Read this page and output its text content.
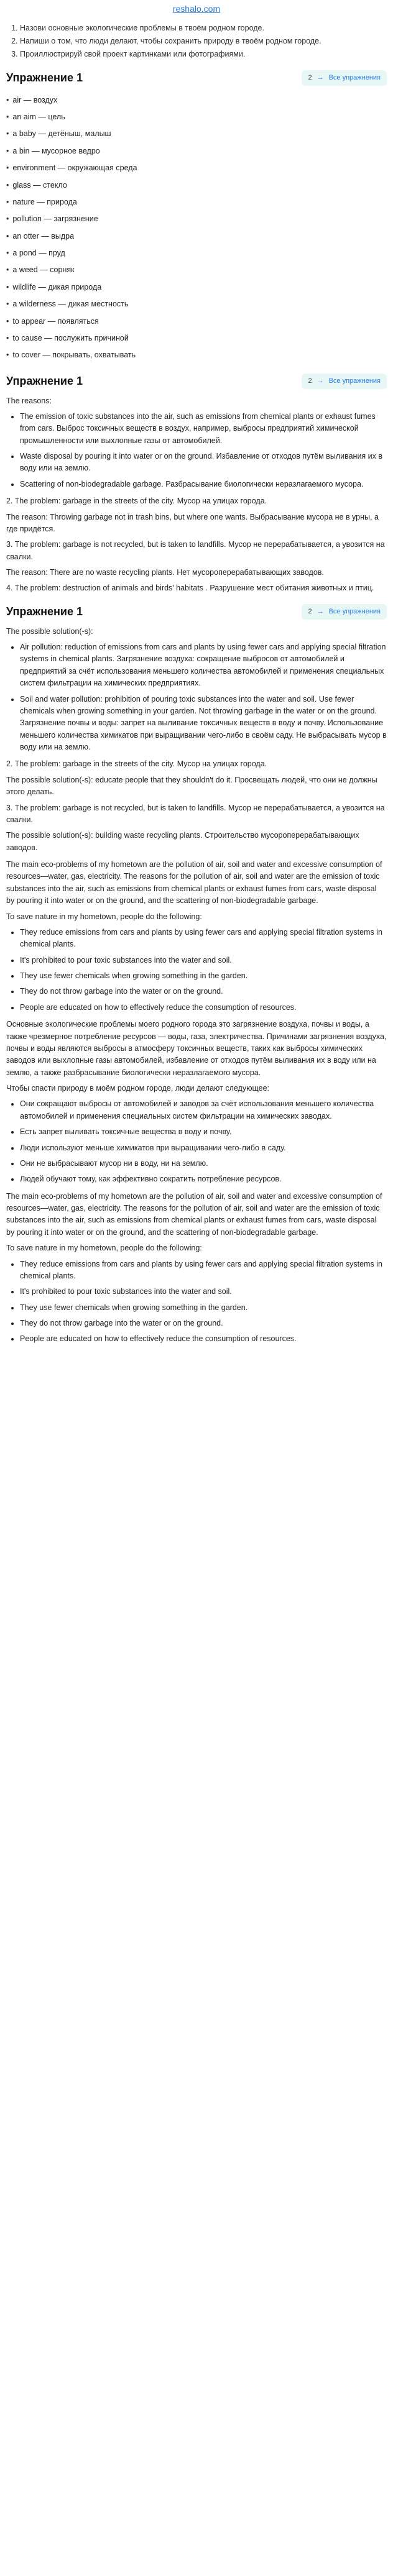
reshalo.com
1. Назови основные экологические проблемы в твоём родном городе.
2. Напиши о том, что люди делают, чтобы сохранить природу в твоём родном городе.
3. Проиллюстрируй свой проект картинками или фотографиями.
Упражнение 1	2 → Все упражнения
• air — воздух
• an aim — цель
• a baby — детёныш, малыш
• a bin — мусорное ведро
• environment — окружающая среда
• glass — стекло
• nature — природа
• pollution — загрязнение
• an otter — выдра
• a pond — пруд
• a weed — сорняк
• wildlife — дикая природа
• a wilderness — дикая местность
• to appear — появляться
• to cause — послужить причиной
• to cover — покрывать, охватывать
Упражнение 1	2 → Все упражнения

The reasons:

• The emission of toxic substances into the air, such as emissions from chemical plants or exhaust fumes from cars. Выброс токсичных веществ в воздух, например, выбросы предприятий химической промышленности или выхлопные газы от автомобилей.
• Waste disposal by pouring it into water or on the ground. Избавление от отходов путём выливания их в воду или на землю.
• Scattering of non-biodegradable garbage. Разбрасывание биологически неразлагаемого мусора.

2. The problem: garbage in the streets of the city. Мусор на улицах города.

The reason: Throwing garbage not in trash bins, but where one wants. Выбрасывание мусора не в урны, а где придётся.

3. The problem: garbage is not recycled, but is taken to landfills. Мусор не перерабатывается, а увозится на свалки.

The reason: There are no waste recycling plants. Нет мусороперерабатывающих заводов.

4. The problem: destruction of animals and birds' habitats . Разрушение мест обитания животных и птиц.

Упражнение 1	2 → Все упражнения

The possible solution(-s):

• Air pollution: reduction of emissions from cars and plants by using fewer cars and applying special filtration systems in chemical plants. Загрязнение воздуха: сокращение выбросов от автомобилей и предприятий за счёт использования меньшего количества автомобилей и применения специальных систем фильтрации на химических предприятиях.
• Soil and water pollution: prohibition of pouring toxic substances into the water and soil. Use fewer chemicals when growing something in your garden. Not throwing garbage in the water or on the ground. Загрязнение почвы и воды: запрет на выливание токсичных веществ в воду и почву. Использование меньшего количества химикатов при выращивании чего-либо в своём саду. Не выбрасывать мусор в воду или на землю.

2. The problem: garbage in the streets of the city. Мусор на улицах города.

The possible solution(-s): educate people that they shouldn't do it. Просвещать людей, что они не должны этого делать.

3. The problem: garbage is not recycled, but is taken to landfills. Мусор не перерабатывается, а увозится на свалки.

The possible solution(-s): building waste recycling plants. Строительство мусороперерабатывающих заводов.

The main eco-problems of my hometown are the pollution of air, soil and water and excessive consumption of resources—water, gas, electricity. The reasons for the pollution of air, soil and water are the emission of toxic substances into the air, such as emissions from chemical plants or exhaust fumes from cars, waste disposal by pouring it into water or on the ground, and the scattering of non-biodegradable garbage.

To save nature in my hometown, people do the following:

• They reduce emissions from cars and plants by using fewer cars and applying special filtration systems in chemical plants.
• It's prohibited to pour toxic substances into the water and soil.
• They use fewer chemicals when growing something in the garden.
• They do not throw garbage into the water or on the ground.
• People are educated on how to effectively reduce the consumption of resources.

Основные экологические проблемы моего родного города это загрязнение воздуха, почвы и воды, а также чрезмерное потребление ресурсов — воды, газа, электричества. Причинами загрязнения воздуха, почвы и воды являются выбросы в атмосферу токсичных веществ, таких как выбросы химических заводов или выхлопные газы автомобилей, избавление от отходов путём выливания их в воду или на землю, а также разбрасывание биологически неразлагаемого мусора.

Чтобы спасти природу в моём родном городе, люди делают следующее:

• Они сокращают выбросы от автомобилей и заводов за счёт использования меньшего количества автомобилей и применения специальных систем фильтрации на химических заводах.
• Есть запрет выливать токсичные вещества в воду и почву.
• Люди используют меньше химикатов при выращивании чего-либо в саду.
• Они не выбрасывают мусор ни в воду, ни на землю.
• Людей обучают тому, как эффективно сократить потребление ресурсов.

The main eco-problems of my hometown are the pollution of air, soil and water and excessive consumption of resources—water, gas, electricity. The reasons for the pollution of air, soil and water are the emission of toxic substances into the air, such as emissions from chemical plants or exhaust fumes from cars, waste disposal by pouring it into water or on the ground, and the scattering of non-biodegradable garbage.

To save nature in my hometown, people do the following:

• They reduce emissions from cars and plants by using fewer cars and applying special filtration systems in chemical plants.
• It's prohibited to pour toxic substances into the water and soil.
• They use fewer chemicals when growing something in the garden.
• They do not throw garbage into the water or on the ground.
• People are educated on how to effectively reduce the consumption of resources.
